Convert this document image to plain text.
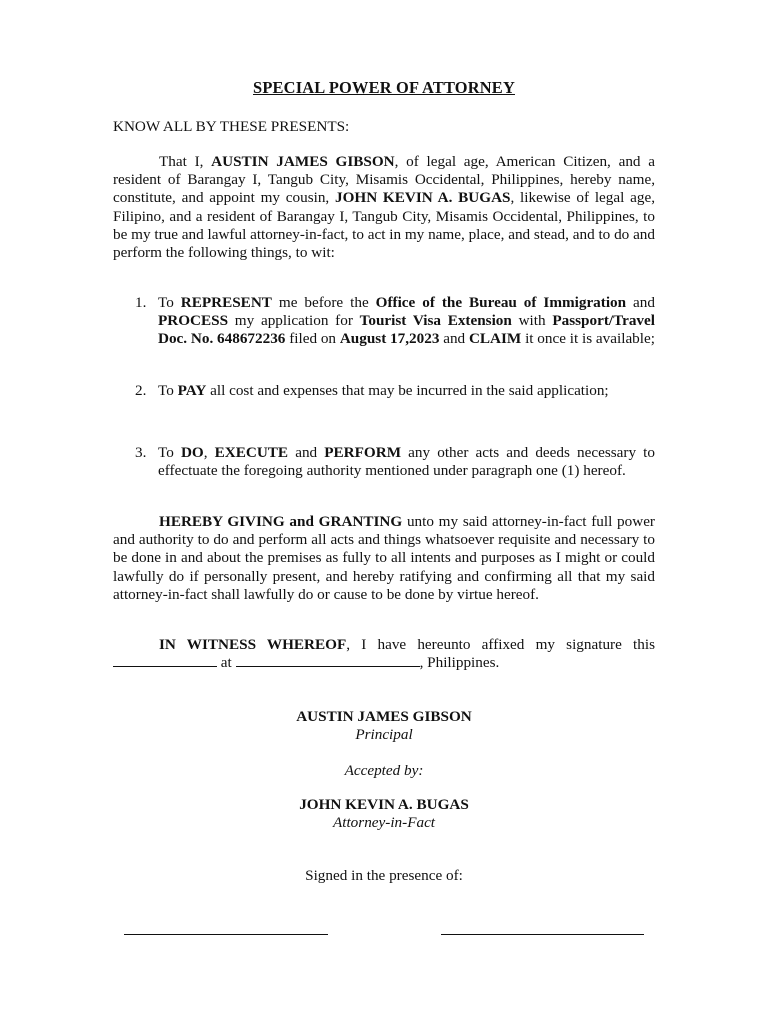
SPECIAL POWER OF ATTORNEY
KNOW ALL BY THESE PRESENTS:
That I, AUSTIN JAMES GIBSON, of legal age, American Citizen, and a resident of Barangay I, Tangub City, Misamis Occidental, Philippines, hereby name, constitute, and appoint my cousin, JOHN KEVIN A. BUGAS, likewise of legal age, Filipino, and a resident of Barangay I, Tangub City, Misamis Occidental, Philippines, to be my true and lawful attorney-in-fact, to act in my name, place, and stead, and to do and perform the following things, to wit:
1. To REPRESENT me before the Office of the Bureau of Immigration and PROCESS my application for Tourist Visa Extension with Passport/Travel Doc. No. 648672236 filed on August 17,2023 and CLAIM it once it is available;
2. To PAY all cost and expenses that may be incurred in the said application;
3. To DO, EXECUTE and PERFORM any other acts and deeds necessary to effectuate the foregoing authority mentioned under paragraph one (1) hereof.
HEREBY GIVING and GRANTING unto my said attorney-in-fact full power and authority to do and perform all acts and things whatsoever requisite and necessary to be done in and about the premises as fully to all intents and purposes as I might or could lawfully do if personally present, and hereby ratifying and confirming all that my said attorney-in-fact shall lawfully do or cause to be done by virtue hereof.
IN WITNESS WHEREOF, I have hereunto affixed my signature this  at	, Philippines.
AUSTIN JAMES GIBSON
Principal
Accepted by:
JOHN KEVIN A. BUGAS
Attorney-in-Fact
Signed in the presence of:
